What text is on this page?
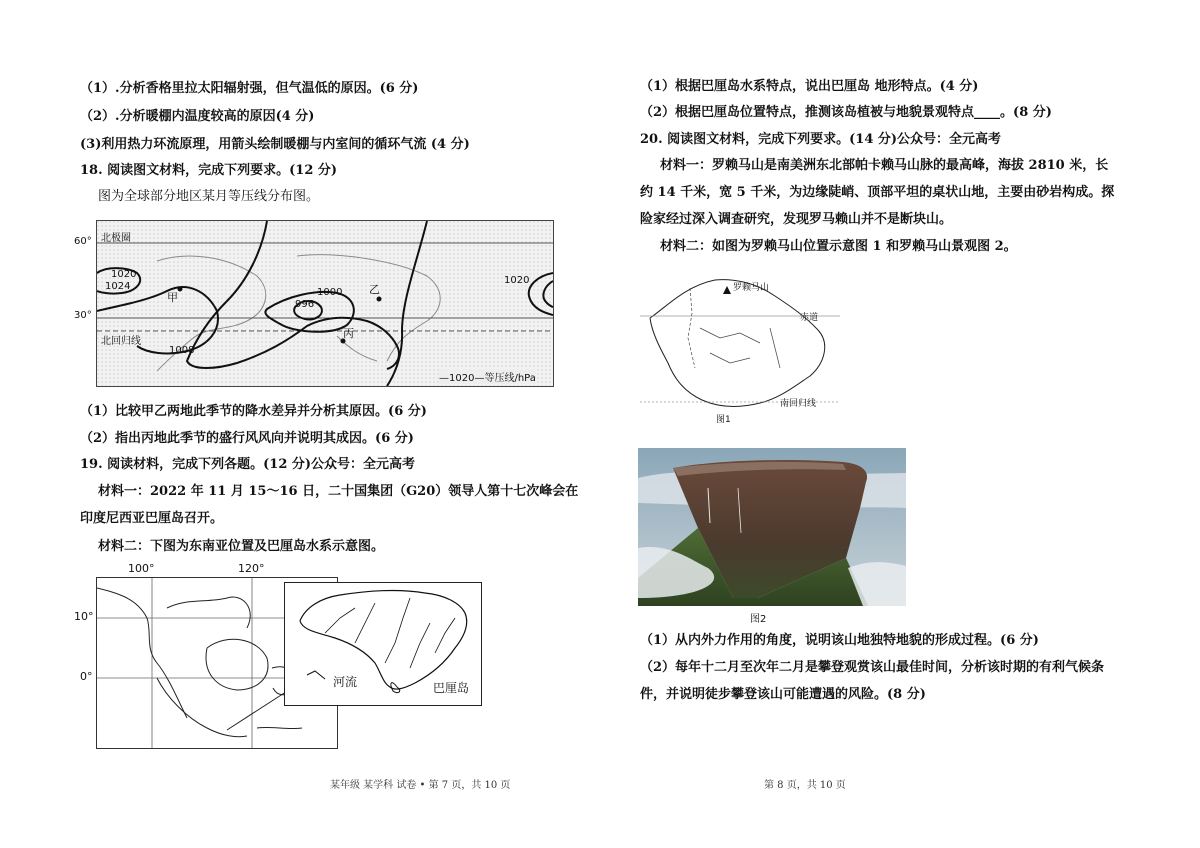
（1）.分析香格里拉太阳辐射强，但气温低的原因。(6 分)
（2）.分析暖棚内温度较高的原因(4 分)
(3)利用热力环流原理，用箭头绘制暖棚与内室间的循环气流 (4 分)
18. 阅读图文材料，完成下列要求。(12 分)
图为全球部分地区某月等压线分布图。
北极圈
1020
1024
1020
1000
996
1008
北回归线
甲
乙
丙
—1020—等压线/hPa
60°
30°
（1）比较甲乙两地此季节的降水差异并分析其原因。(6 分)
（2）指出丙地此季节的盛行风风向并说明其成因。(6 分)
19. 阅读材料，完成下列各题。(12 分)公众号：全元高考
材料一：2022 年 11 月 15～16 日，二十国集团（G20）领导人第十七次峰会在
印度尼西亚巴厘岛召开。
材料二：下图为东南亚位置及巴厘岛水系示意图。
100°	120°
10°
0°	河流	巴厘岛
某年级 某学科 试卷 • 第 7 页，共 10 页
（1）根据巴厘岛水系特点，说出巴厘岛 地形特点。(4 分)
（2）根据巴厘岛位置特点，推测该岛植被与地貌景观特点____。(8 分)
20. 阅读图文材料，完成下列要求。(14 分)公众号：全元高考
材料一：罗赖马山是南美洲东北部帕卡赖马山脉的最高峰，海拔 2810 米，长
约 14 千米，宽 5 千米，为边缘陡峭、顶部平坦的桌状山地，主要由砂岩构成。探
险家经过深入调查研究，发现罗马赖山并不是断块山。
材料二：如图为罗赖马山位置示意图 1 和罗赖马山景观图 2。
罗赖马山
赤道
南回归线
图1
图2
（1）从内外力作用的角度，说明该山地独特地貌的形成过程。(6 分)
（2）每年十二月至次年二月是攀登观赏该山最佳时间，分析该时期的有利气候条
件，并说明徒步攀登该山可能遭遇的风险。(8 分)
第 8 页，共 10 页
